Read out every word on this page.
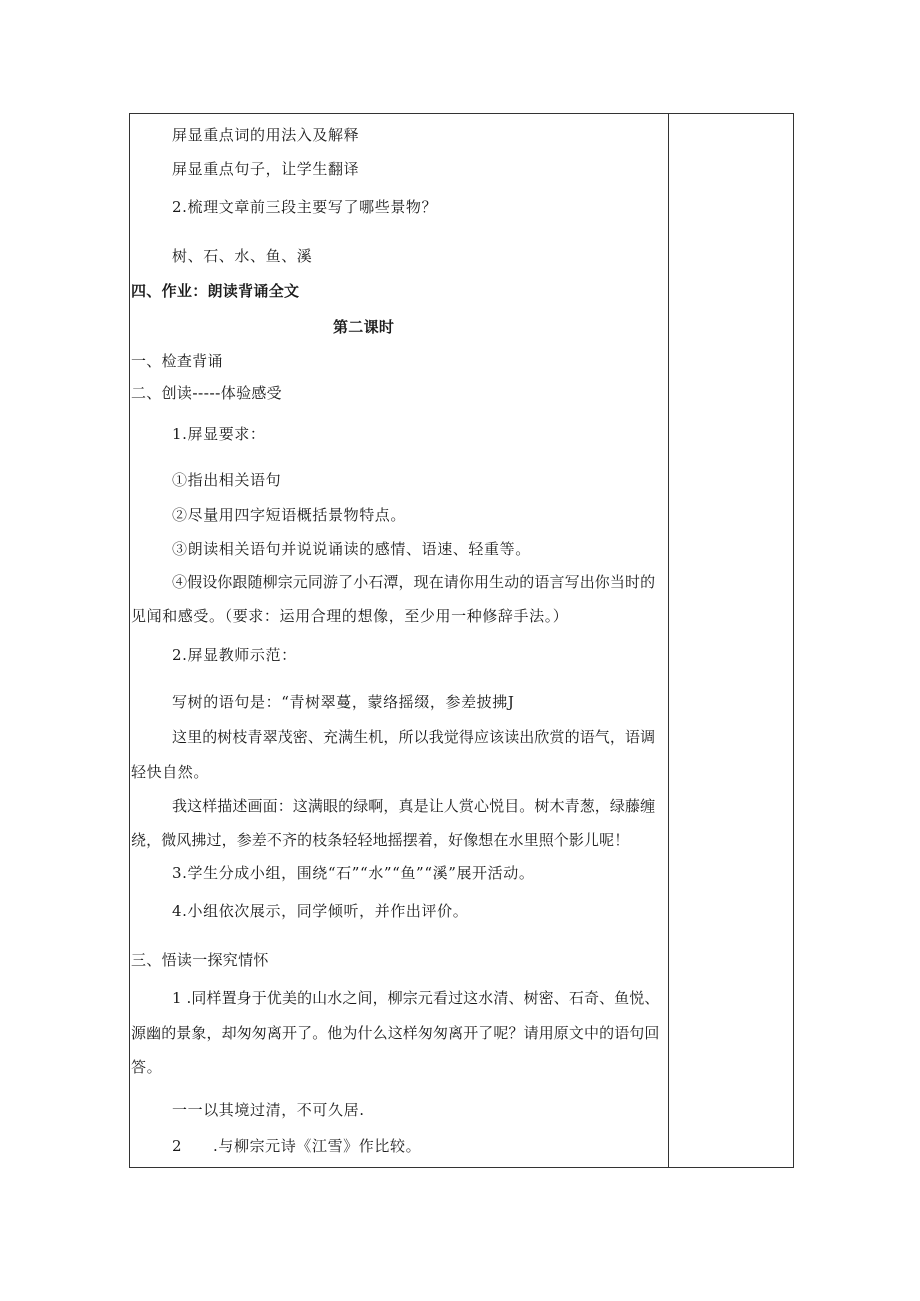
屏显重点词的用法入及解释
屏显重点句子，让学生翻译
2.梳理文章前三段主要写了哪些景物？
树、石、水、鱼、溪
四、作业：朗读背诵全文
第二课时
一、检查背诵
二、创读-----体验感受
1.屏显要求：
①指出相关语句
②尽量用四字短语概括景物特点。
③朗读相关语句并说说诵读的感情、语速、轻重等。
④假设你跟随柳宗元同游了小石潭，现在请你用生动的语言写出你当时的
见闻和感受。（要求：运用合理的想像，至少用一种修辞手法。）
2.屏显教师示范：
写树的语句是：“青树翠蔓，蒙络摇缀，参差披拂J
这里的树枝青翠茂密、充满生机，所以我觉得应该读出欣赏的语气，语调
轻快自然。
我这样描述画面：这满眼的绿啊，真是让人赏心悦目。树木青葱，绿藤缠
绕，微风拂过，参差不齐的枝条轻轻地摇摆着，好像想在水里照个影儿呢！
3.学生分成小组，围绕“石”“水”“鱼”“溪”展开活动。
4.小组依次展示，同学倾听，并作出评价。
三、悟读一探究情怀
1 .同样置身于优美的山水之间，柳宗元看过这水清、树密、石奇、鱼悦、
源幽的景象，却匆匆离开了。他为什么这样匆匆离开了呢？请用原文中的语句回
答。
一一以其境过清，不可久居.
2 .与柳宗元诗《江雪》作比较。
